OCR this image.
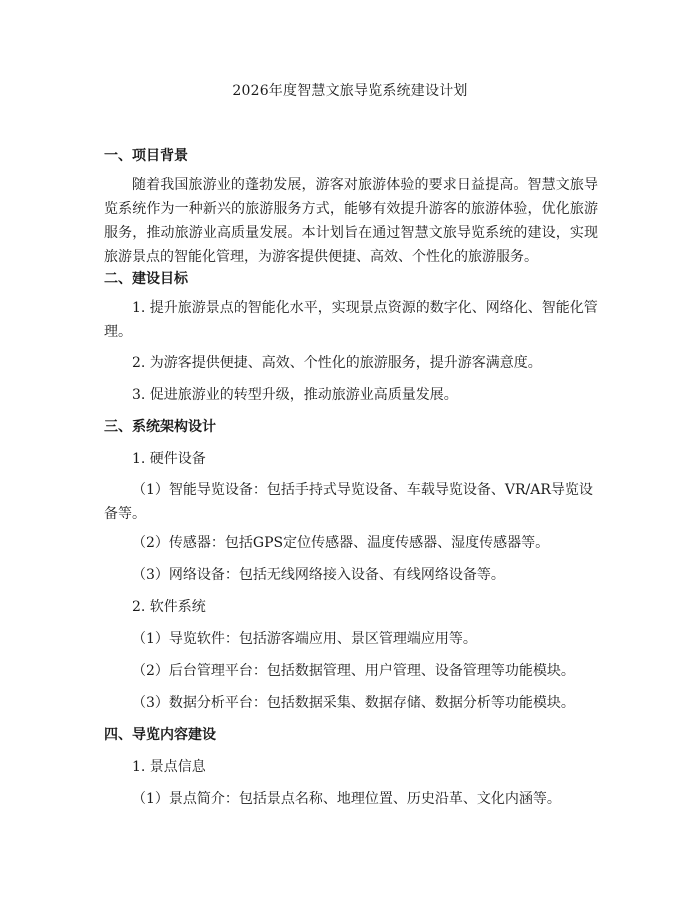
2026年度智慧文旅导览系统建设计划
一、项目背景
随着我国旅游业的蓬勃发展，游客对旅游体验的要求日益提高。智慧文旅导览系统作为一种新兴的旅游服务方式，能够有效提升游客的旅游体验，优化旅游服务，推动旅游业高质量发展。本计划旨在通过智慧文旅导览系统的建设，实现旅游景点的智能化管理，为游客提供便捷、高效、个性化的旅游服务。
二、建设目标
1. 提升旅游景点的智能化水平，实现景点资源的数字化、网络化、智能化管理。
2. 为游客提供便捷、高效、个性化的旅游服务，提升游客满意度。
3. 促进旅游业的转型升级，推动旅游业高质量发展。
三、系统架构设计
1. 硬件设备
（1）智能导览设备：包括手持式导览设备、车载导览设备、VR/AR导览设备等。
（2）传感器：包括GPS定位传感器、温度传感器、湿度传感器等。
（3）网络设备：包括无线网络接入设备、有线网络设备等。
2. 软件系统
（1）导览软件：包括游客端应用、景区管理端应用等。
（2）后台管理平台：包括数据管理、用户管理、设备管理等功能模块。
（3）数据分析平台：包括数据采集、数据存储、数据分析等功能模块。
四、导览内容建设
1. 景点信息
（1）景点简介：包括景点名称、地理位置、历史沿革、文化内涵等。
